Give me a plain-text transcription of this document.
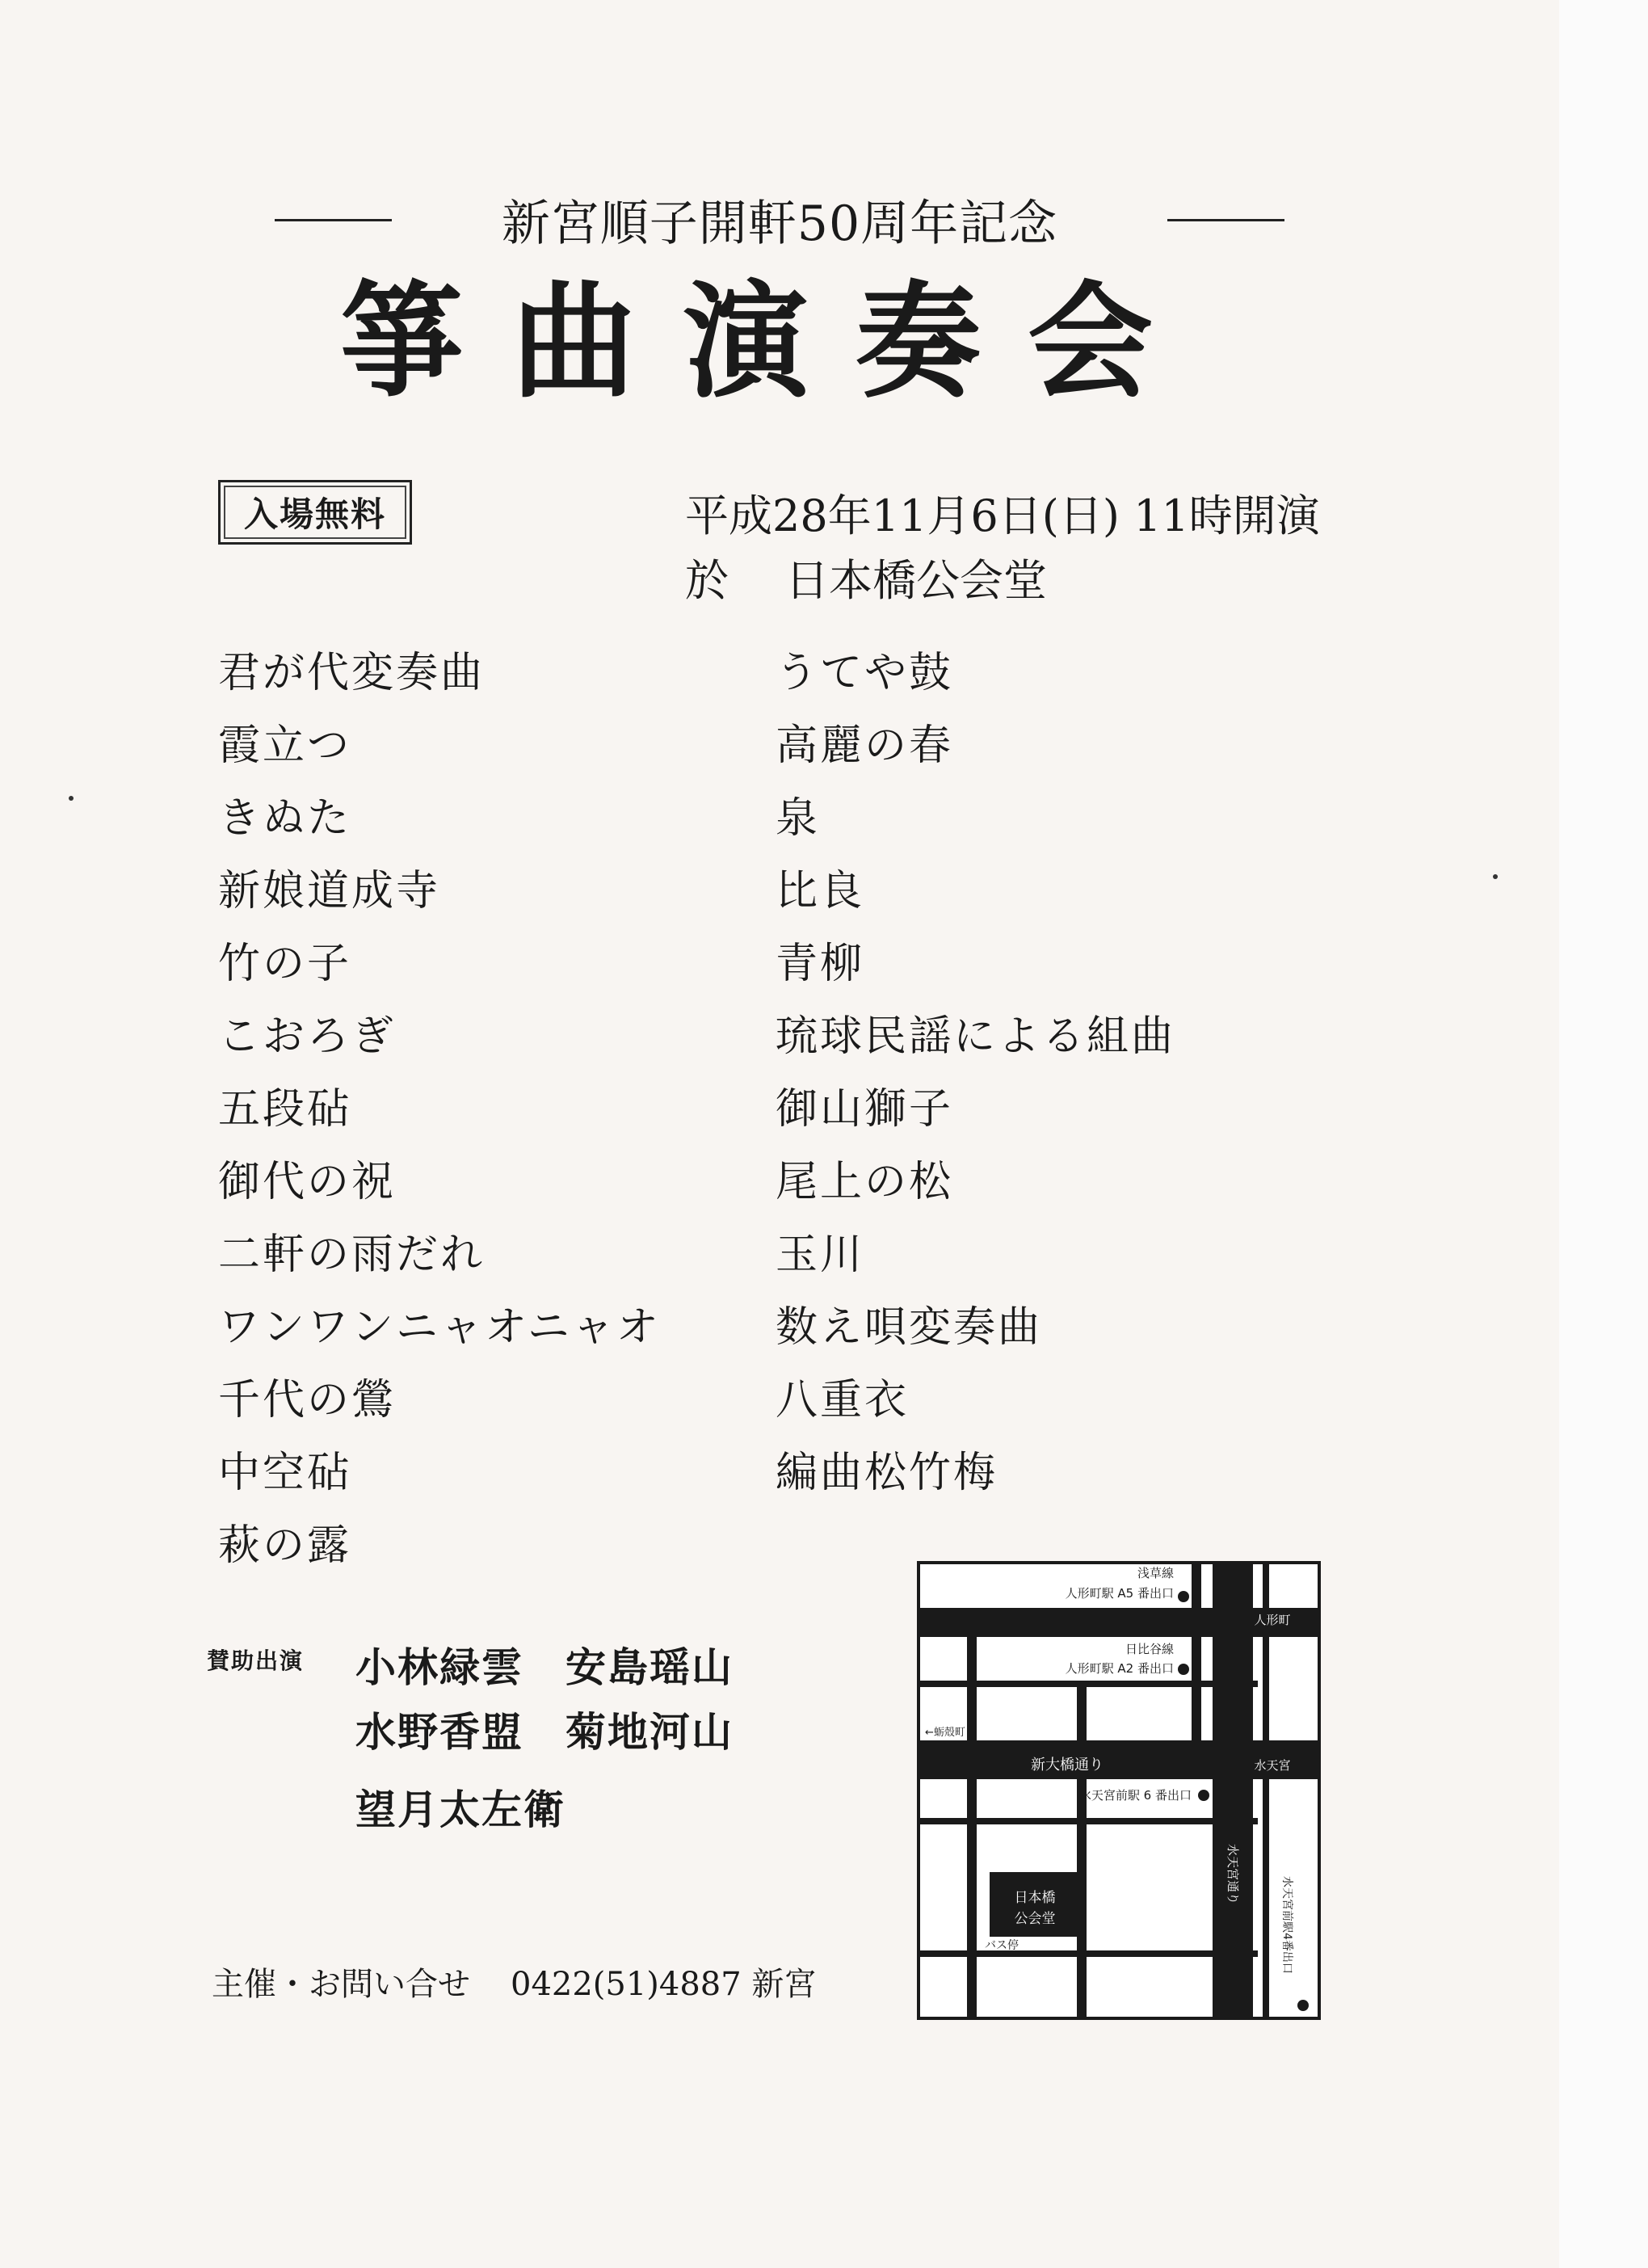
新宮順子開軒50周年記念
箏曲演奏会
入場無料	平成28年11月6日(日) 11時開演
於 日本橋公会堂
君が代変奏曲
霞立つ
きぬた
新娘道成寺
竹の子
こおろぎ
五段砧
御代の祝
二軒の雨だれ
ワンワンニャオニャオ
千代の鶯
中空砧
萩の露
うてや鼓
高麗の春
泉
比良
青柳
琉球民謡による組曲
御山獅子
尾上の松
玉川
数え唄変奏曲
八重衣
編曲松竹梅
賛助出演 小林緑雲	安島瑶山
水野香盟	菊地河山
望月太左衛
主催・お問い合せ 0422(51)4887 新宮
浅草線
人形町駅 A5 番出口
人形町
日比谷線
人形町駅 A2 番出口
←蛎殻町
新大橋通り	水天宮
水天宮前駅 6 番出口
日本橋
公会堂
バス停
水天宮通り
水天宮前駅4番出口
